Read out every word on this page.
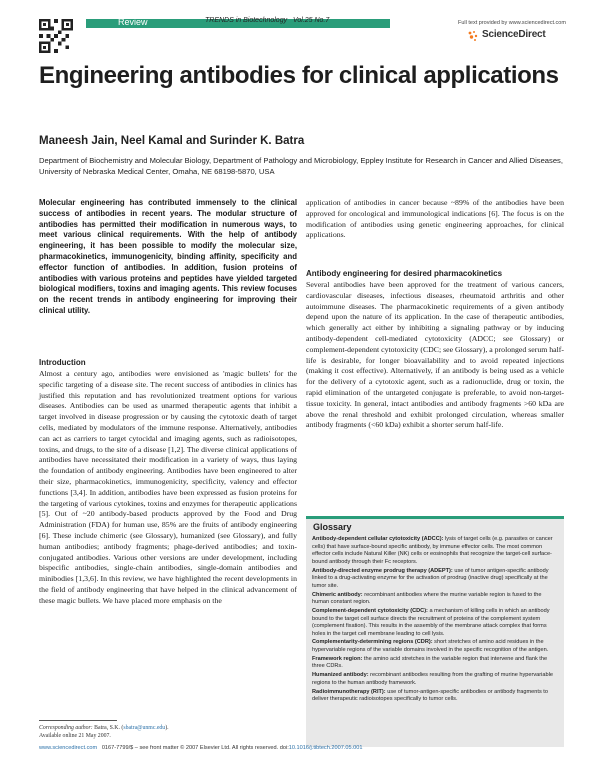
Review	TRENDS in Biotechnology Vol.25 No.7	Full text provided by www.sciencedirect.com
ScienceDirect
Engineering antibodies for clinical applications
Maneesh Jain, Neel Kamal and Surinder K. Batra
Department of Biochemistry and Molecular Biology, Department of Pathology and Microbiology, Eppley Institute for Research in Cancer and Allied Diseases, University of Nebraska Medical Center, Omaha, NE 68198-5870, USA
Molecular engineering has contributed immensely to the clinical success of antibodies in recent years. The modular structure of antibodies has permitted their modification in numerous ways, to meet various clinical requirements. With the help of antibody engineering, it has been possible to modify the molecular size, pharmacokinetics, immunogenicity, binding affinity, specificity and effector function of antibodies. In addition, fusion proteins of antibodies with various proteins and peptides have yielded targeted biological modifiers, toxins and imaging agents. This review focuses on the recent trends in antibody engineering for improving their clinical utility.
Introduction

Almost a century ago, antibodies were envisioned as 'magic bullets' for the specific targeting of a disease site. The recent success of antibodies in clinics has justified this reputation and has revolutionized treatment options for various diseases. Antibodies can be used as unarmed therapeutic agents that inhibit a target involved in disease progression or by causing the cytotoxic death of target cells, mediated by modulators of the immune response. Alternatively, antibodies can act as carriers to target cytocidal and imaging agents, such as radioisotopes, toxins, and drugs, to the site of a disease [1,2]. The diverse clinical applications of antibodies have necessitated their modification in a variety of ways, thus laying the foundation of antibody engineering. Antibodies have been engineered to alter their size, pharmacokinetics, immunogenicity, specificity, valency and effector functions [3,4]. In addition, antibodies have been expressed as fusion proteins for the targeting of various cytokines, toxins and enzymes for therapeutic applications [5]. Out of ~20 antibody-based products approved by the Food and Drug Administration (FDA) for human use, 85% are the fruits of antibody engineering [6]. These include chimeric (see Glossary), humanized (see Glossary), and fully human antibodies; antibody fragments; phage-derived antibodies; and toxin-conjugated antibodies. Various other versions are under development, including bispecific antibodies, single-chain antibodies, single-domain antibodies and minibodies [1,3,6]. In this review, we have highlighted the recent developments in the field of antibody engineering that have helped in the clinical advancement of these magic bullets. We have placed more emphasis on the

application of antibodies in cancer because ~89% of the antibodies have been approved for oncological and immunological indications [6]. The focus is on the modification of antibodies using genetic engineering approaches, for clinical applications.

Antibody engineering for desired pharmacokinetics

Several antibodies have been approved for the treatment of various cancers, cardiovascular diseases, infectious diseases, rheumatoid arthritis and other autoimmune diseases. The pharmacokinetic requirements of a given antibody depend upon the nature of its application. In the case of therapeutic antibodies, which generally act either by inhibiting a signaling pathway or by inducing antibody-dependent cell-mediated cytotoxicity (ADCC; see Glossary) or complement-dependent cytotoxicity (CDC; see Glossary), a prolonged serum half-life is desirable, for longer bioavailability and to avoid repeated injections (making it cost effective). Alternatively, if an antibody is being used as a vehicle for the delivery of a cytotoxic agent, such as a radionuclide, drug or toxin, the rapid elimination of the untargeted conjugate is preferable, to avoid non-target-tissue toxicity. In general, intact antibodies and antibody fragments >60 kDa are above the renal threshold and exhibit prolonged circulation, whereas smaller antibody fragments (<60 kDa) exhibit a shorter serum half-life.

Glossary

Antibody-dependent cellular cytotoxicity (ADCC): lysis of target cells (e.g. parasites or cancer cells) that have surface-bound specific antibody, by immune effector cells. The most common effector cells include Natural Killer (NK) cells or eosinophils that recognize the target-cell surface-bound antibody through their Fc receptors.

Antibody-directed enzyme prodrug therapy (ADEPT): use of tumor antigen-specific antibody linked to a drug-activating enzyme for the activation of prodrug (inactive drug) specifically at the tumor site.

Chimeric antibody: recombinant antibodies where the murine variable region is fused to the human constant region.

Complement-dependent cytotoxicity (CDC): a mechanism of killing cells in which an antibody bound to the target cell surface directs the recruitment of proteins of the complement system (complement fixation). This results in the assembly of the membrane attack complex that forms holes in the target cell membrane leading to cell lysis.

Complementarity-determining regions (CDR): short stretches of amino acid residues in the hypervariable regions of the variable domains involved in the specific recognition of the antigen.

Framework region: the amino acid stretches in the variable region that intervene and flank the three CDRs.

Humanized antibody: recombinant antibodies resulting from the grafting of murine hypervariable regions to the human antibody framework.

Radioimmunotherapy (RIT): use of tumor-antigen-specific antibodies or antibody fragments to deliver therapeutic radioisotopes specifically to tumor cells.

Corresponding author: Batra, S.K. (sbatra@unmc.edu).
Available online 21 May 2007.
www.sciencedirect.com 0167-7799/$ – see front matter © 2007 Elsevier Ltd. All rights reserved. doi:10.1016/j.tibtech.2007.05.001
